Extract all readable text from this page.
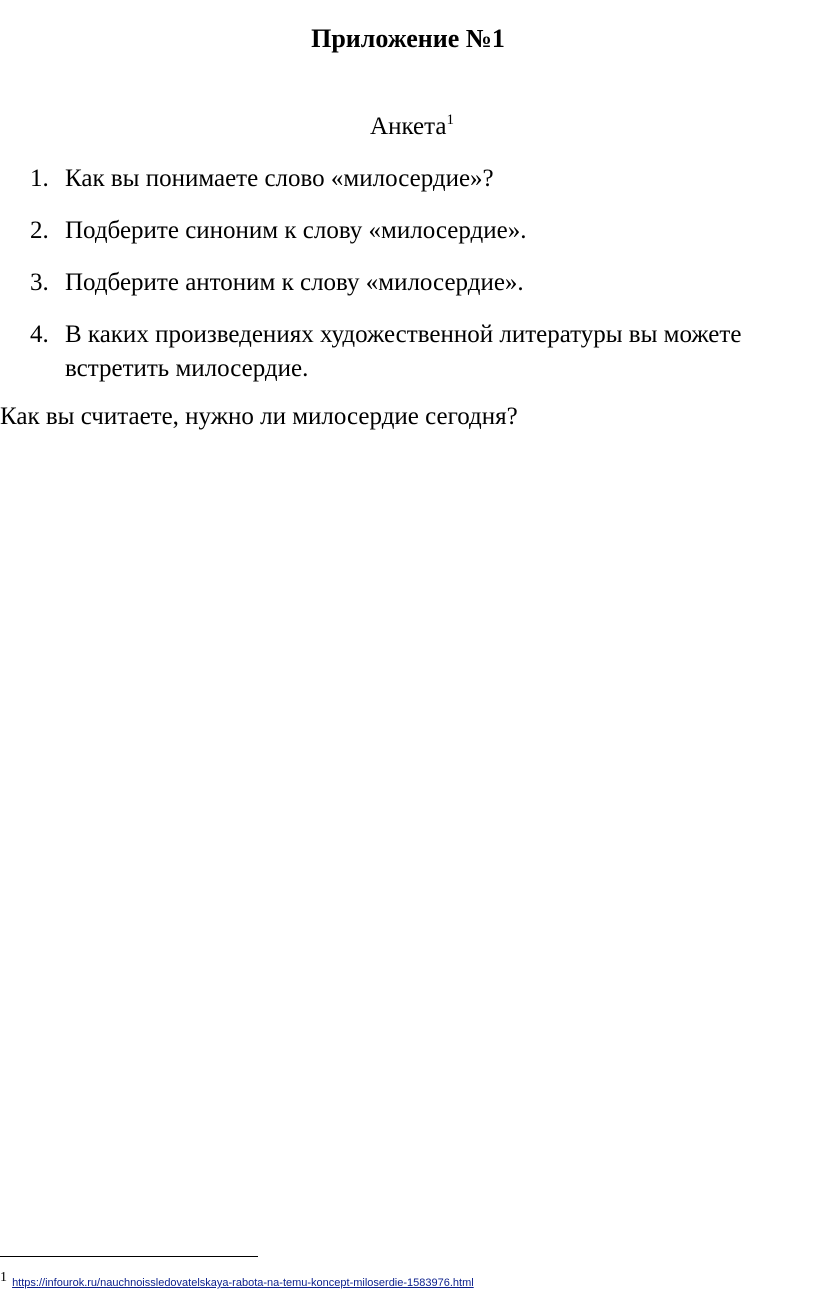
Приложение №1
Анкета$^1$
1. Как вы понимаете слово «милосердие»?
2. Подберите синоним к слову «милосердие».
3. Подберите антоним к слову «милосердие».
4. В каких произведениях художественной литературы вы можете встретить милосердие.

Как вы считаете, нужно ли милосердие сегодня?

1 https://infourok.ru/nauchnoissledovatelskaya-rabota-na-temu-koncept-miloserdie-1583976.html
